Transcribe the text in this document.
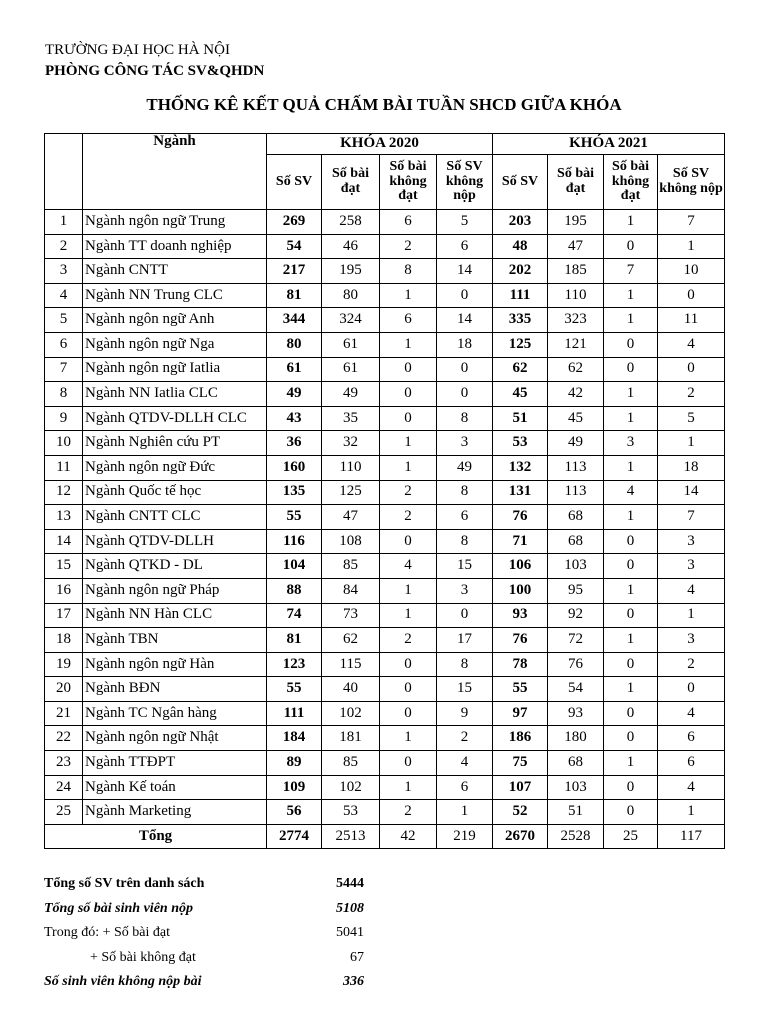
TRƯỜNG ĐẠI HỌC HÀ NỘI
PHÒNG CÔNG TÁC SV&QHDN
THỐNG KÊ KẾT QUẢ CHẤM BÀI TUẦN SHCD GIỮA KHÓA
	Ngành	KHÓA 2020				KHÓA 2021			
		Số SV	Số bài đạt	Số bài không đạt	Số SV không nộp	Số SV	Số bài đạt	Số bài không đạt	Số SV không nộp
1	Ngành ngôn ngữ Trung	269	258	6	5	203	195	1	7
2	Ngành TT doanh nghiệp	54	46	2	6	48	47	0	1
3	Ngành CNTT	217	195	8	14	202	185	7	10
4	Ngành NN Trung CLC	81	80	1	0	111	110	1	0
5	Ngành ngôn ngữ Anh	344	324	6	14	335	323	1	11
6	Ngành ngôn ngữ Nga	80	61	1	18	125	121	0	4
7	Ngành ngôn ngữ Iatlia	61	61	0	0	62	62	0	0
8	Ngành NN Iatlia CLC	49	49	0	0	45	42	1	2
9	Ngành QTDV-DLLH CLC	43	35	0	8	51	45	1	5
10	Ngành Nghiên cứu PT	36	32	1	3	53	49	3	1
11	Ngành ngôn ngữ Đức	160	110	1	49	132	113	1	18
12	Ngành Quốc tế học	135	125	2	8	131	113	4	14
13	Ngành CNTT CLC	55	47	2	6	76	68	1	7
14	Ngành QTDV-DLLH	116	108	0	8	71	68	0	3
15	Ngành QTKD - DL	104	85	4	15	106	103	0	3
16	Ngành ngôn ngữ Pháp	88	84	1	3	100	95	1	4
17	Ngành NN Hàn CLC	74	73	1	0	93	92	0	1
18	Ngành TBN	81	62	2	17	76	72	1	3
19	Ngành ngôn ngữ Hàn	123	115	0	8	78	76	0	2
20	Ngành BĐN	55	40	0	15	55	54	1	0
21	Ngành TC Ngân hàng	111	102	0	9	97	93	0	4
22	Ngành ngôn ngữ Nhật	184	181	1	2	186	180	0	6
23	Ngành TTĐPT	89	85	0	4	75	68	1	6
24	Ngành Kế toán	109	102	1	6	107	103	0	4
25	Ngành Marketing	56	53	2	1	52	51	0	1
Tổng		2774	2513	42	219	2670	2528	25	117
Tổng số SV trên danh sách	5444
Tổng số bài sinh viên nộp	5108
Trong đó: + Số bài đạt	5041
+ Số bài không đạt	67
Số sinh viên không nộp bài	336
